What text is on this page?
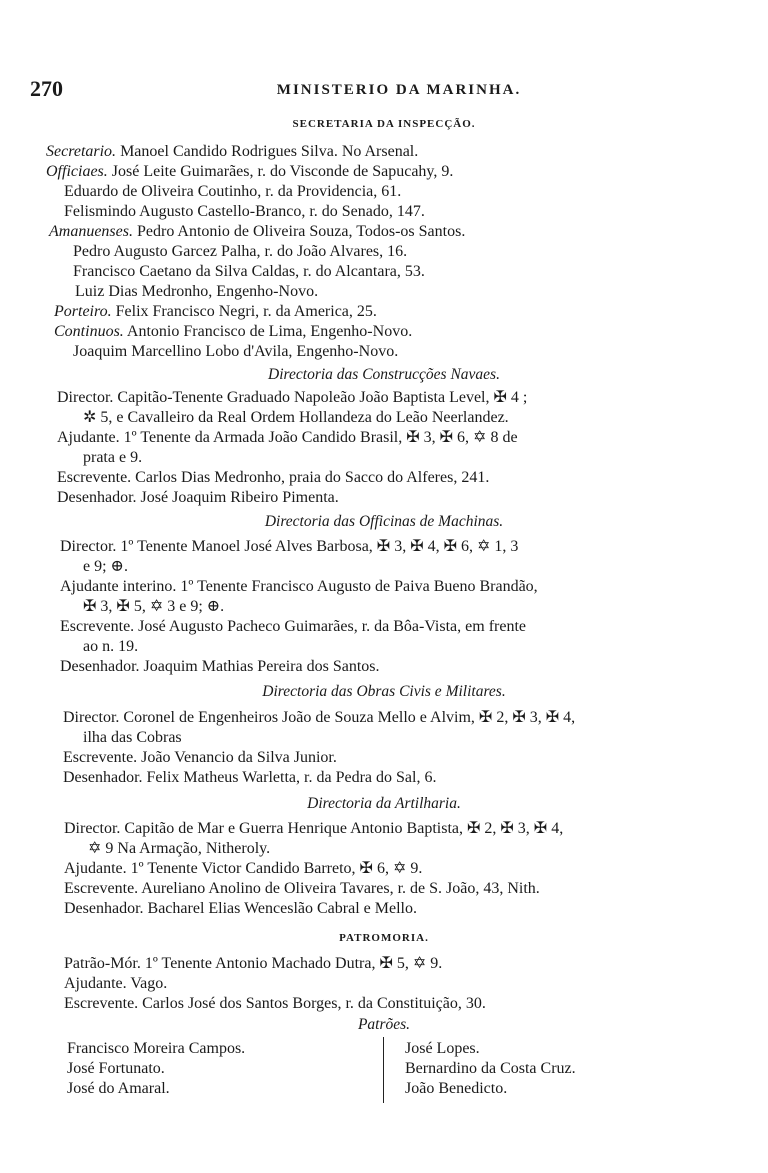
270	MINISTERIO DA MARINHA.
SECRETARIA DA INSPECÇÃO.
Secretario. Manoel Candido Rodrigues Silva. No Arsenal.
Officiaes. José Leite Guimarães, r. do Visconde de Sapucahy, 9.
Eduardo de Oliveira Coutinho, r. da Providencia, 61.
Felismindo Augusto Castello-Branco, r. do Senado, 147.
Amanuenses. Pedro Antonio de Oliveira Souza, Todos-os Santos.
Pedro Augusto Garcez Palha, r. do João Alvares, 16.
Francisco Caetano da Silva Caldas, r. do Alcantara, 53.
Luiz Dias Medronho, Engenho-Novo.
Porteiro. Felix Francisco Negri, r. da America, 25.
Continuos. Antonio Francisco de Lima, Engenho-Novo.
Joaquim Marcellino Lobo d'Avila, Engenho-Novo.
Directoria das Construcções Navaes.
Director. Capitão-Tenente Graduado Napoleão João Baptista Level, ✠ 4 ;
✲ 5, e Cavalleiro da Real Ordem Hollandeza do Leão Neerlandez.
Ajudante. 1º Tenente da Armada João Candido Brasil, ✠ 3, ✠ 6, ✡ 8 de
prata e 9.
Escrevente. Carlos Dias Medronho, praia do Sacco do Alferes, 241.
Desenhador. José Joaquim Ribeiro Pimenta.
Directoria das Officinas de Machinas.
Director. 1º Tenente Manoel José Alves Barbosa, ✠ 3, ✠ 4, ✠ 6, ✡ 1, 3
e 9; ⊕.
Ajudante interino. 1º Tenente Francisco Augusto de Paiva Bueno Brandão,
✠ 3, ✠ 5, ✡ 3 e 9; ⊕.
Escrevente. José Augusto Pacheco Guimarães, r. da Bôa-Vista, em frente
ao n. 19.
Desenhador. Joaquim Mathias Pereira dos Santos.
Directoria das Obras Civis e Militares.
Director. Coronel de Engenheiros João de Souza Mello e Alvim, ✠ 2, ✠ 3, ✠ 4,
ilha das Cobras
Escrevente. João Venancio da Silva Junior.
Desenhador. Felix Matheus Warletta, r. da Pedra do Sal, 6.
Directoria da Artilharia.
Director. Capitão de Mar e Guerra Henrique Antonio Baptista, ✠ 2, ✠ 3, ✠ 4,
✡ 9 Na Armação, Nitheroly.
Ajudante. 1º Tenente Victor Candido Barreto, ✠ 6, ✡ 9.
Escrevente. Aureliano Anolino de Oliveira Tavares, r. de S. João, 43, Nith.
Desenhador. Bacharel Elias Wenceslão Cabral e Mello.
PATROMORIA.
Patrão-Mór. 1º Tenente Antonio Machado Dutra, ✠ 5, ✡ 9.
Ajudante. Vago.
Escrevente. Carlos José dos Santos Borges, r. da Constituição, 30.
Patrões.
Francisco Moreira Campos.
José Fortunato.
José do Amaral.
José Lopes.
Bernardino da Costa Cruz.
João Benedicto.
